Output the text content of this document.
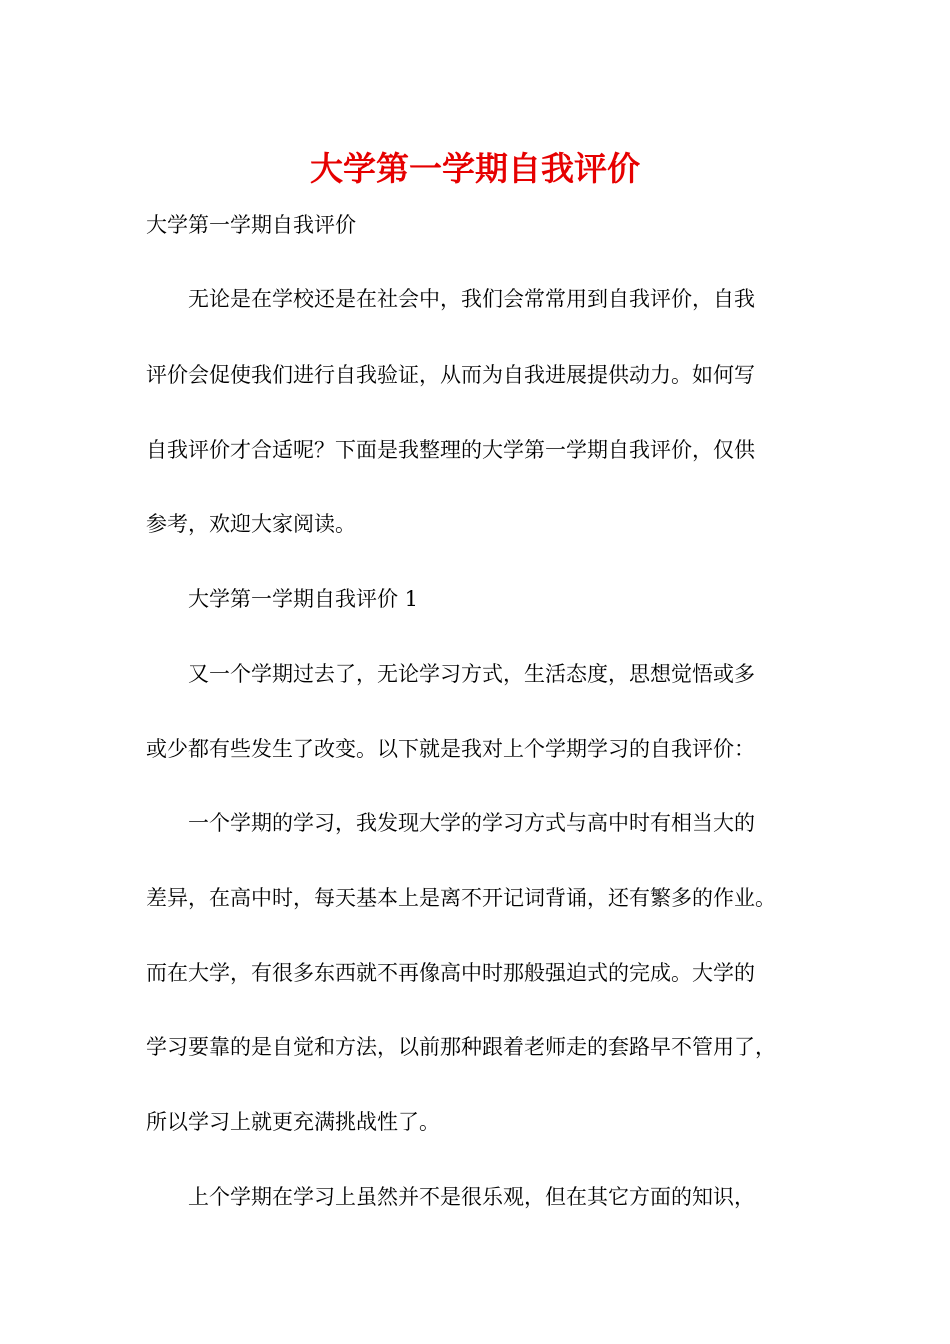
大学第一学期自我评价
大学第一学期自我评价
无论是在学校还是在社会中，我们会常常用到自我评价，自我
评价会促使我们进行自我验证，从而为自我进展提供动力。如何写
自我评价才合适呢？下面是我整理的大学第一学期自我评价，仅供
参考，欢迎大家阅读。
大学第一学期自我评价 1
又一个学期过去了，无论学习方式，生活态度，思想觉悟或多
或少都有些发生了改变。以下就是我对上个学期学习的自我评价：
一个学期的学习，我发现大学的学习方式与高中时有相当大的
差异，在高中时，每天基本上是离不开记词背诵，还有繁多的作业。
而在大学，有很多东西就不再像高中时那般强迫式的完成。大学的
学习要靠的是自觉和方法，以前那种跟着老师走的套路早不管用了，
所以学习上就更充满挑战性了。
上个学期在学习上虽然并不是很乐观，但在其它方面的知识，
